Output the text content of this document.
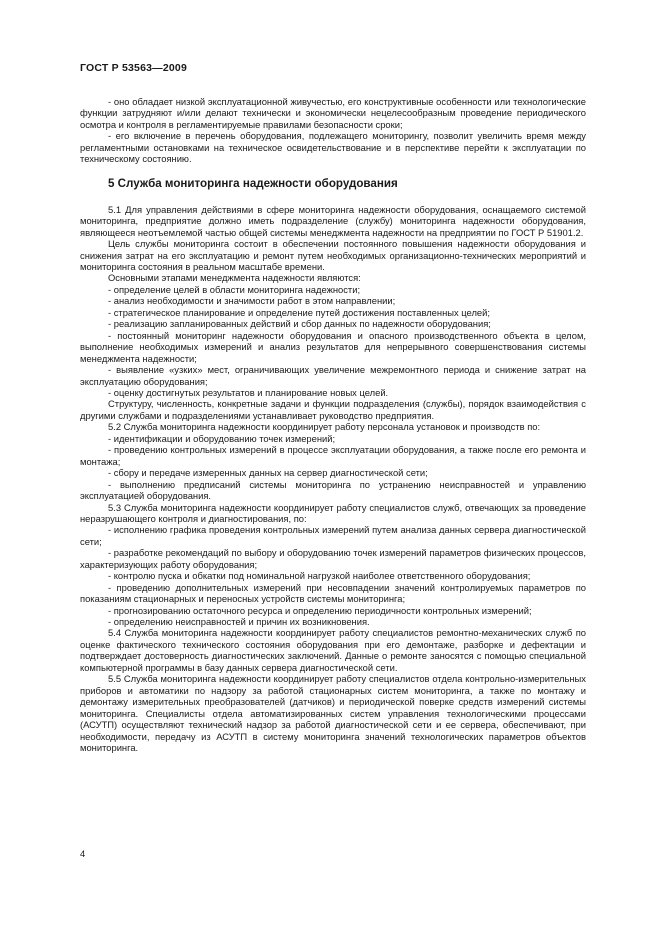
ГОСТ Р 53563—2009

- оно обладает низкой эксплуатационной живучестью, его конструктивные особенности или технологические функции затрудняют и/или делают технически и экономически нецелесообразным проведение периодического осмотра и контроля в регламентируемые правилами безопасности сроки;

- его включение в перечень оборудования, подлежащего мониторингу, позволит увеличить время между регламентными остановками на техническое освидетельствование и в перспективе перейти к эксплуатации по техническому состоянию.

5 Служба мониторинга надежности оборудования

5.1 Для управления действиями в сфере мониторинга надежности оборудования, оснащаемого системой мониторинга, предприятие должно иметь подразделение (службу) мониторинга надежности оборудования, являющееся неотъемлемой частью общей системы менеджмента надежности на предприятии по ГОСТ Р 51901.2.

Цель службы мониторинга состоит в обеспечении постоянного повышения надежности оборудования и снижения затрат на его эксплуатацию и ремонт путем необходимых организационно-технических мероприятий и мониторинга состояния в реальном масштабе времени.

Основными этапами менеджмента надежности являются:

- определение целей в области мониторинга надежности;

- анализ необходимости и значимости работ в этом направлении;

- стратегическое планирование и определение путей достижения поставленных целей;

- реализацию запланированных действий и сбор данных по надежности оборудования;

- постоянный мониторинг надежности оборудования и опасного производственного объекта в целом, выполнение необходимых измерений и анализ результатов для непрерывного совершенствования системы менеджмента надежности;

- выявление «узких» мест, ограничивающих увеличение межремонтного периода и снижение затрат на эксплуатацию оборудования;

- оценку достигнутых результатов и планирование новых целей.

Структуру, численность, конкретные задачи и функции подразделения (службы), порядок взаимодействия с другими службами и подразделениями устанавливает руководство предприятия.

5.2 Служба мониторинга надежности координирует работу персонала установок и производств по:

- идентификации и оборудованию точек измерений;

- проведению контрольных измерений в процессе эксплуатации оборудования, а также после его ремонта и монтажа;

- сбору и передаче измеренных данных на сервер диагностической сети;

- выполнению предписаний системы мониторинга по устранению неисправностей и управлению эксплуатацией оборудования.

5.3 Служба мониторинга надежности координирует работу специалистов служб, отвечающих за проведение неразрушающего контроля и диагностирования, по:

- исполнению графика проведения контрольных измерений путем анализа данных сервера диагностической сети;

- разработке рекомендаций по выбору и оборудованию точек измерений параметров физических процессов, характеризующих работу оборудования;

- контролю пуска и обкатки под номинальной нагрузкой наиболее ответственного оборудования;

- проведению дополнительных измерений при несовпадении значений контролируемых параметров по показаниям стационарных и переносных устройств системы мониторинга;

- прогнозированию остаточного ресурса и определению периодичности контрольных измерений;

- определению неисправностей и причин их возникновения.

5.4 Служба мониторинга надежности координирует работу специалистов ремонтно-механических служб по оценке фактического технического состояния оборудования при его демонтаже, разборке и дефектации и подтверждает достоверность диагностических заключений. Данные о ремонте заносятся с помощью специальной компьютерной программы в базу данных сервера диагностической сети.

5.5 Служба мониторинга надежности координирует работу специалистов отдела контрольно-измерительных приборов и автоматики по надзору за работой стационарных систем мониторинга, а также по монтажу и демонтажу измерительных преобразователей (датчиков) и периодической поверке средств измерений системы мониторинга. Специалисты отдела автоматизированных систем управления технологическими процессами (АСУТП) осуществляют технический надзор за работой диагностической сети и ее сервера, обеспечивают, при необходимости, передачу из АСУТП в систему мониторинга значений технологических параметров объектов мониторинга.

4
